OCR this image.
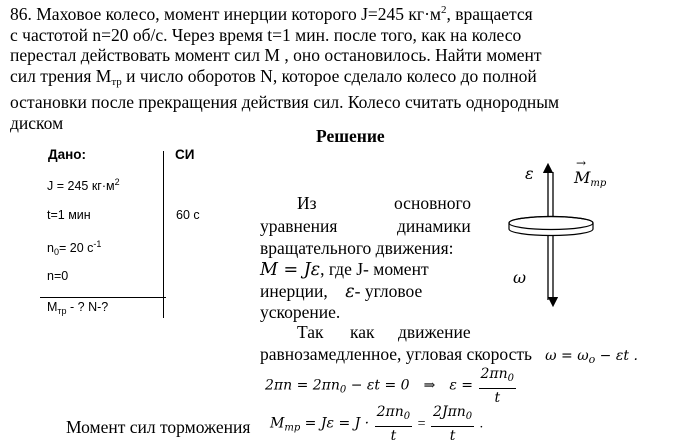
86. Маховое колесо, момент инерции которого J=245 $кг\cdot м^2$, вращается
с частотой n=20 об/с. Через время t=1 мин. после того, как на колесо
перестал действовать момент сил М , оно остановилось. Найти момент
сил трения $М_{тр}$ и число оборотов N, которое сделало колесо до полной
остановки после прекращения действия сил. Колесо считать однородным
диском
Решение
Дано:	СИ
J = 245 $кг\cdot м^2$
t=1 мин	60 с
$n_0= 20$ $с^{-1}$
n=0
$М_{тр}$ - ? N-?
ε
→
$M_{тр}$
ω
Из	основного
уравнения	динамики
вращательного движения:
M = Jε, где J- момент
инерции, ε- угловое
ускорение.
Так как движение
равнозамедленное, угловая скорость $\omega = \omega_o - \varepsilon t$ .
$2\pi n = 2\pi n_0 - \varepsilon t = 0$ ⇒ $\varepsilon = \frac{2\pi n_0}{t}$
Момент сил торможения $M_{тр} = J\varepsilon = J \cdot \frac{2\pi n_0}{t} = \frac{2J\pi n_0}{t}$ .
